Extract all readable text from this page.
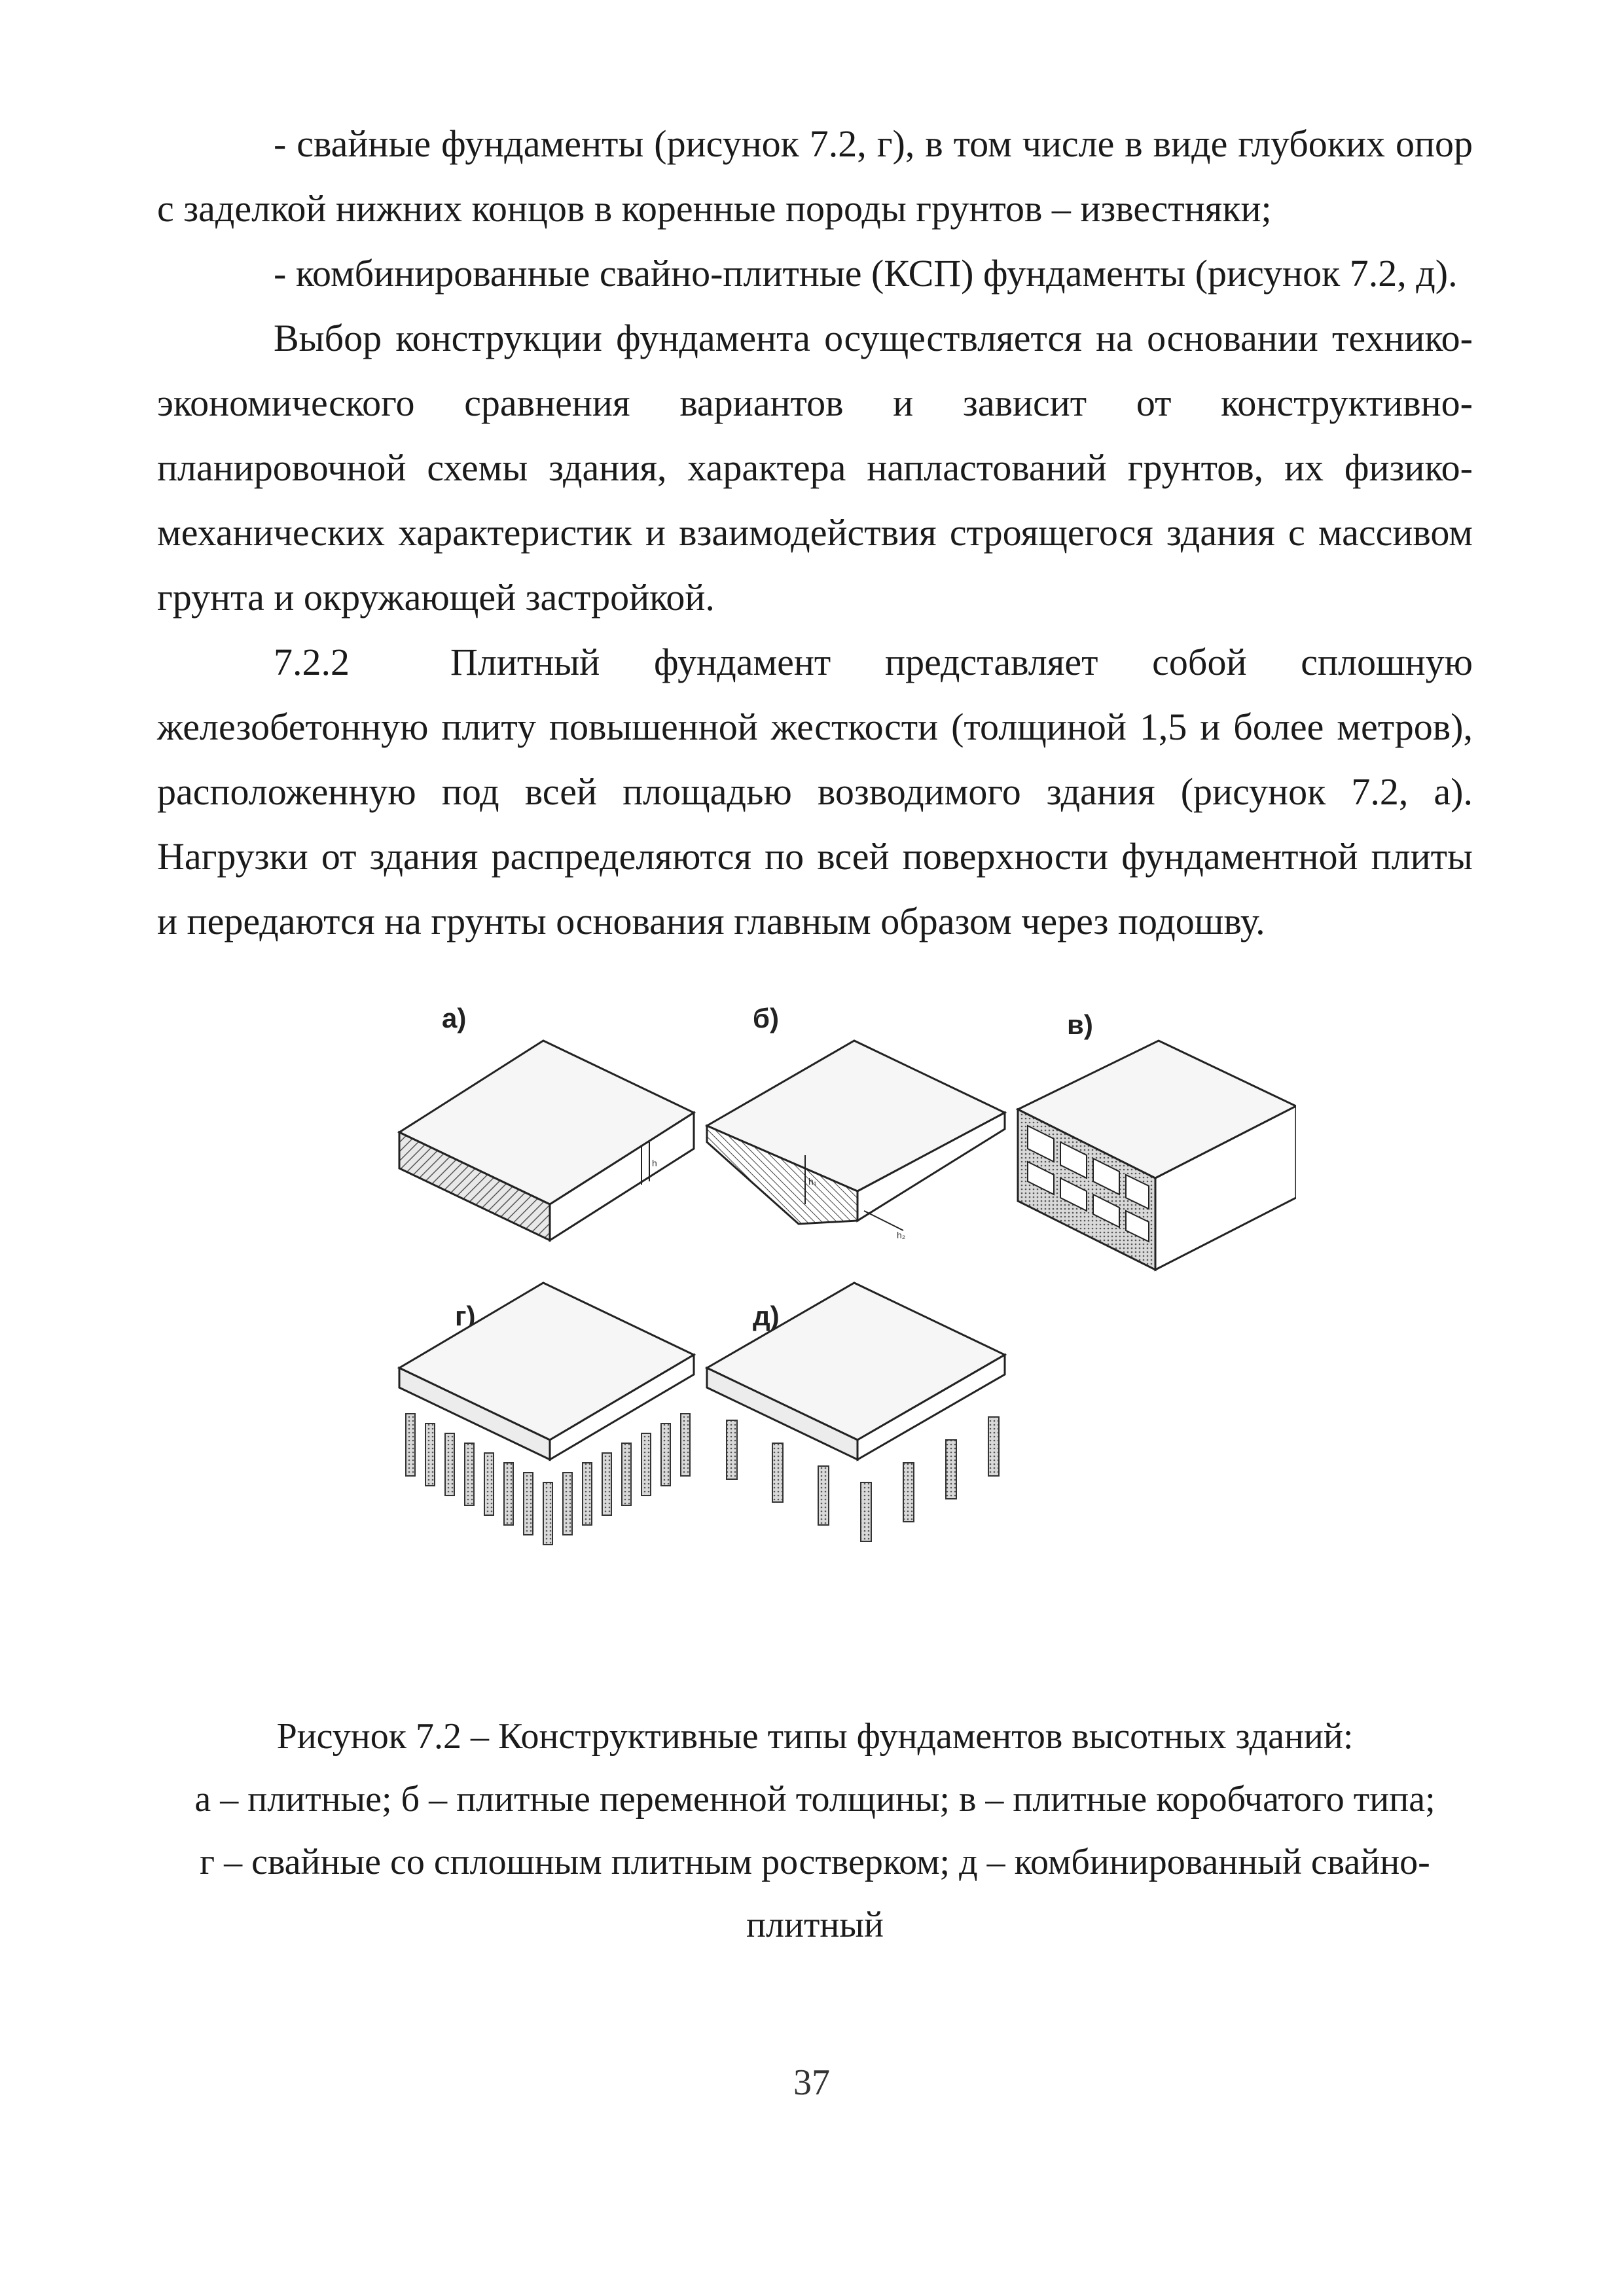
- свайные фундаменты (рисунок 7.2, г), в том числе в виде глубоких опор с заделкой нижних концов в коренные породы грунтов – известняки;

- комбинированные свайно-плитные (КСП) фундаменты (рисунок 7.2, д).

Выбор конструкции фундамента осуществляется на основании технико-экономического сравнения вариантов и зависит от конструктивно-планировочной схемы здания, характера напластований грунтов, их физико-механических характеристик и взаимодействия строящегося здания с массивом грунта и окружающей застройкой.

7.2.2	Плитный фундамент представляет собой сплошную железобетонную плиту повышенной жесткости (толщиной 1,5 и более метров), расположенную под всей площадью возводимого здания (рисунок 7.2, а). Нагрузки от здания распределяются по всей поверхности фундаментной плиты и передаются на грунты основания главным образом через подошву.

а)
h
б)
h₁
h₂
в)
г)	д)
Рисунок 7.2 – Конструктивные типы фундаментов высотных зданий:
а – плитные; б – плитные переменной толщины; в – плитные коробчатого типа;
г – свайные со сплошным плитным ростверком; д – комбинированный свайно-
плитный
37
